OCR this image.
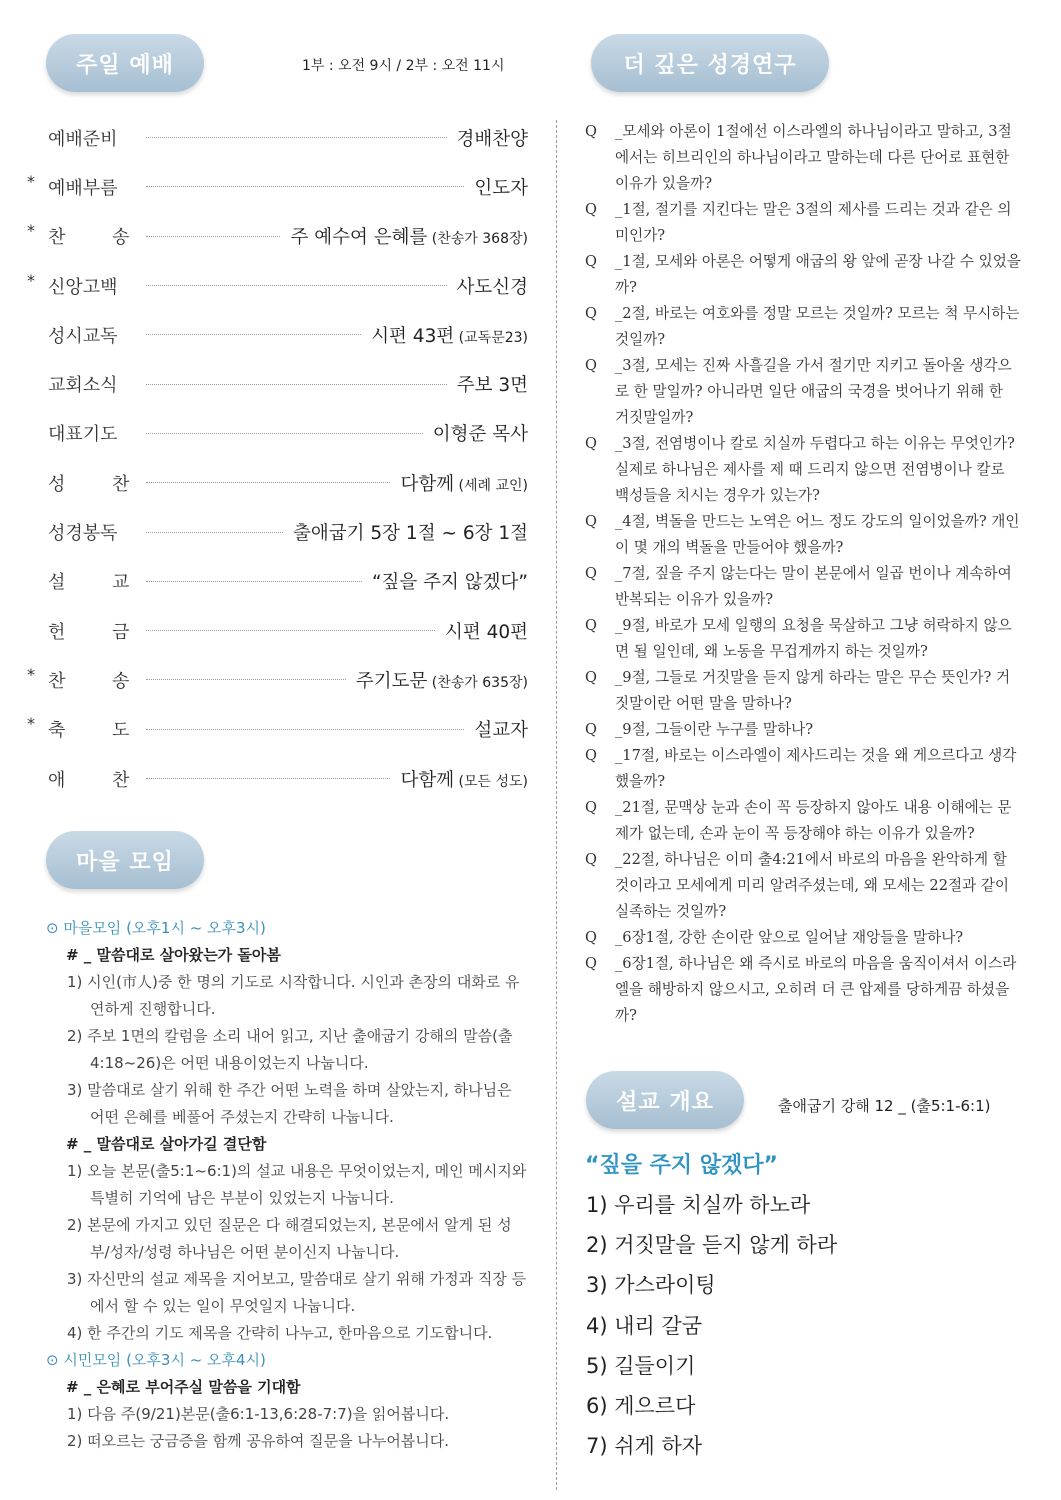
주일 예배	1부 : 오전 9시 / 2부 : 오전 11시	더 깊은 성경연구
예배준비	경배찬양
* 예배부름	인도자
* 찬	송	주 예수여 은혜를 (찬송가 368장)
* 신앙고백	사도신경
성시교독	시편 43편 (교독문23)
교회소식	주보 3면
대표기도	이형준 목사
성	찬	다함께 (세례 교인)
성경봉독	출애굽기 5장 1절 ~ 6장 1절
설	교	“짚을 주지 않겠다”
헌	금	시편 40편
* 찬	송	주기도문 (찬송가 635장)
* 축	도	설교자
애	찬	다함께 (모든 성도)
마을 모임
⊙ 마을모임 (오후1시 ~ 오후3시)
# _ 말씀대로 살아왔는가 돌아봄
1) 시인(市人)중 한 명의 기도로 시작합니다. 시인과 촌장의 대화로 유연하게 진행합니다.
2) 주보 1면의 칼럼을 소리 내어 읽고, 지난 출애굽기 강해의 말씀(출4:18~26)은 어떤 내용이었는지 나눕니다.
3) 말씀대로 살기 위해 한 주간 어떤 노력을 하며 살았는지, 하나님은 어떤 은혜를 베풀어 주셨는지 간략히 나눕니다.
# _ 말씀대로 살아가길 결단함
1) 오늘 본문(출5:1~6:1)의 설교 내용은 무엇이었는지, 메인 메시지와 특별히 기억에 남은 부분이 있었는지 나눕니다.
2) 본문에 가지고 있던 질문은 다 해결되었는지, 본문에서 알게 된 성부/성자/성령 하나님은 어떤 분이신지 나눕니다.
3) 자신만의 설교 제목을 지어보고, 말씀대로 살기 위해 가정과 직장 등에서 할 수 있는 일이 무엇일지 나눕니다.
4) 한 주간의 기도 제목을 간략히 나누고, 한마음으로 기도합니다.
⊙ 시민모임 (오후3시 ~ 오후4시)
# _ 은혜로 부어주실 말씀을 기대함
1) 다음 주(9/21)본문(출6:1-13,6:28-7:7)을 읽어봅니다.
2) 떠오르는 궁금증을 함께 공유하여 질문을 나누어봅니다.
Q _모세와 아론이 1절에선 이스라엘의 하나님이라고 말하고, 3절에서는 히브리인의 하나님이라고 말하는데 다른 단어로 표현한 이유가 있을까?
Q _1절, 절기를 지킨다는 말은 3절의 제사를 드리는 것과 같은 의미인가?
Q _1절, 모세와 아론은 어떻게 애굽의 왕 앞에 곧장 나갈 수 있었을까?
Q _2절, 바로는 여호와를 정말 모르는 것일까? 모르는 척 무시하는 것일까?
Q _3절, 모세는 진짜 사흘길을 가서 절기만 지키고 돌아올 생각으로 한 말일까? 아니라면 일단 애굽의 국경을 벗어나기 위해 한 거짓말일까?
Q _3절, 전염병이나 칼로 치실까 두렵다고 하는 이유는 무엇인가? 실제로 하나님은 제사를 제 때 드리지 않으면 전염병이나 칼로 백성들을 치시는 경우가 있는가?
Q _4절, 벽돌을 만드는 노역은 어느 정도 강도의 일이었을까? 개인이 몇 개의 벽돌을 만들어야 했을까?
Q _7절, 짚을 주지 않는다는 말이 본문에서 일곱 번이나 계속하여 반복되는 이유가 있을까?
Q _9절, 바로가 모세 일행의 요청을 묵살하고 그냥 허락하지 않으면 될 일인데, 왜 노동을 무겁게까지 하는 것일까?
Q _9절, 그들로 거짓말을 듣지 않게 하라는 말은 무슨 뜻인가? 거짓말이란 어떤 말을 말하나?
Q _9절, 그들이란 누구를 말하나?
Q _17절, 바로는 이스라엘이 제사드리는 것을 왜 게으르다고 생각했을까?
Q _21절, 문맥상 눈과 손이 꼭 등장하지 않아도 내용 이해에는 문제가 없는데, 손과 눈이 꼭 등장해야 하는 이유가 있을까?
Q _22절, 하나님은 이미 출4:21에서 바로의 마음을 완악하게 할 것이라고 모세에게 미리 알려주셨는데, 왜 모세는 22절과 같이 실족하는 것일까?
Q _6장1절, 강한 손이란 앞으로 일어날 재앙들을 말하나?
Q _6장1절, 하나님은 왜 즉시로 바로의 마음을 움직이셔서 이스라엘을 해방하지 않으시고, 오히려 더 큰 압제를 당하게끔 하셨을까?
설교 개요	출애굽기 강해 12 _ (출5:1-6:1)
“짚을 주지 않겠다”
1) 우리를 치실까 하노라
2) 거짓말을 듣지 않게 하라
3) 가스라이팅
4) 내리 갈굼
5) 길들이기
6) 게으르다
7) 쉬게 하자
